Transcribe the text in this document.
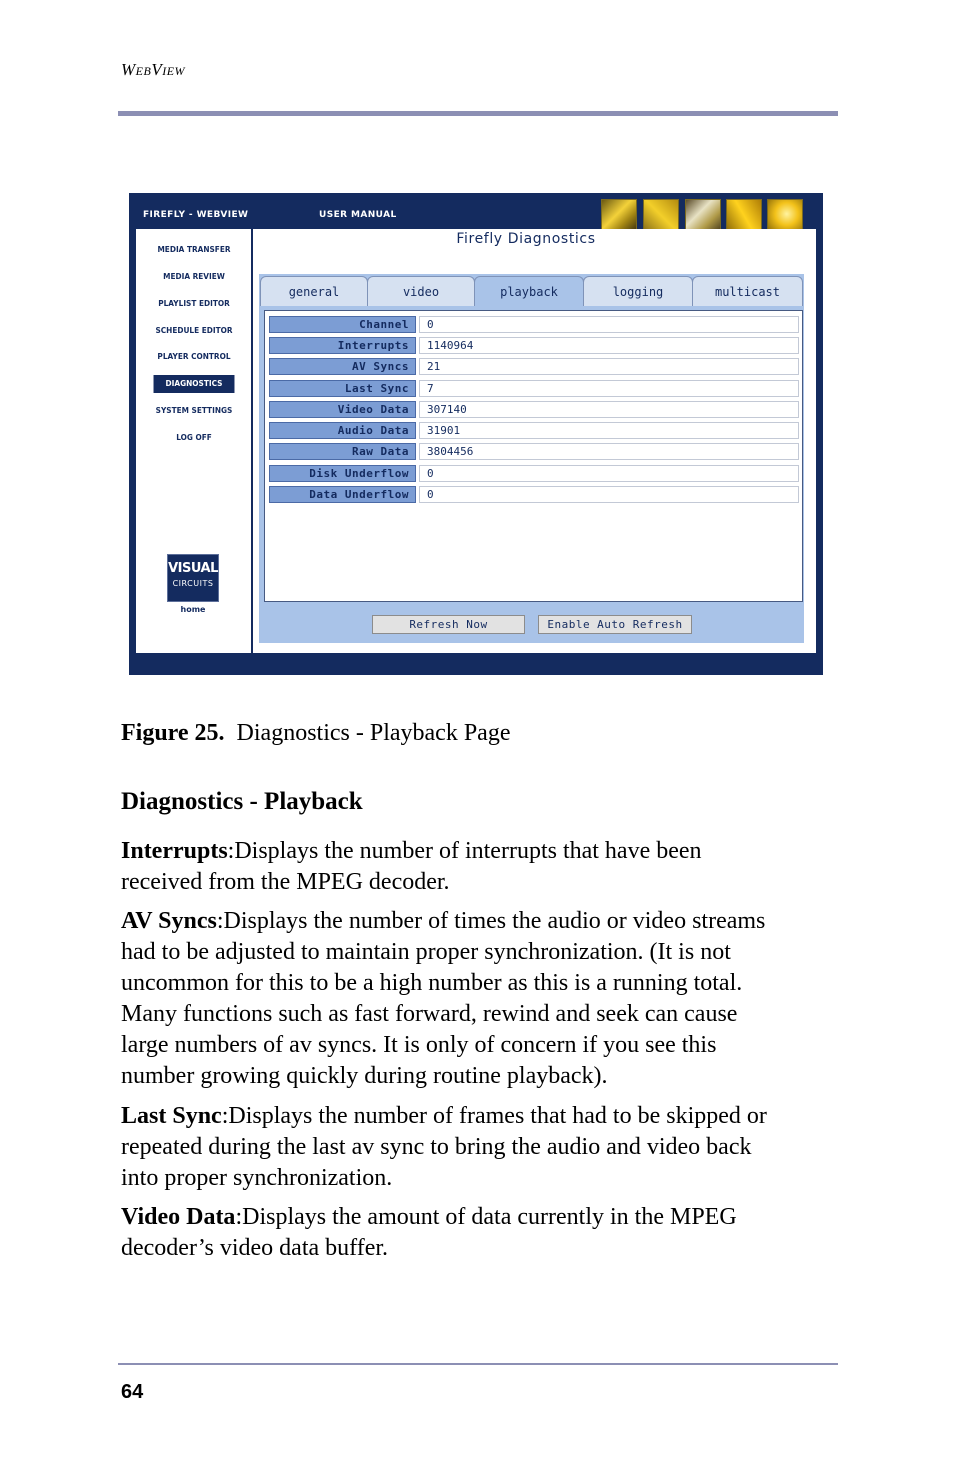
WEBVIEW
FIREFLY - WEBVIEW	USER MANUAL
MEDIA TRANSFER
MEDIA REVIEW
PLAYLIST EDITOR
SCHEDULE EDITOR
PLAYER CONTROL
DIAGNOSTICS
SYSTEM SETTINGS
LOG OFF
VISUAL
CIRCUITS
home
Firefly Diagnostics
general	video	playback	logging	multicast
Channel	0
Interrupts	1140964
AV Syncs	21
Last Sync	7
Video Data	307140
Audio Data	31901
Raw Data	3804456
Disk Underflow	0
Data Underflow	0
Refresh Now	Enable Auto Refresh
Figure 25. Diagnostics - Playback Page
Diagnostics - Playback
Interrupts:Displays the number of interrupts that have been
received from the MPEG decoder.
AV Syncs:Displays the number of times the audio or video streams
had to be adjusted to maintain proper synchronization. (It is not
uncommon for this to be a high number as this is a running total.
Many functions such as fast forward, rewind and seek can cause
large numbers of av syncs. It is only of concern if you see this
number growing quickly during routine playback).
Last Sync:Displays the number of frames that had to be skipped or
repeated during the last av sync to bring the audio and video back
into proper synchronization.
Video Data:Displays the amount of data currently in the MPEG
decoder’s video data buffer.
64
